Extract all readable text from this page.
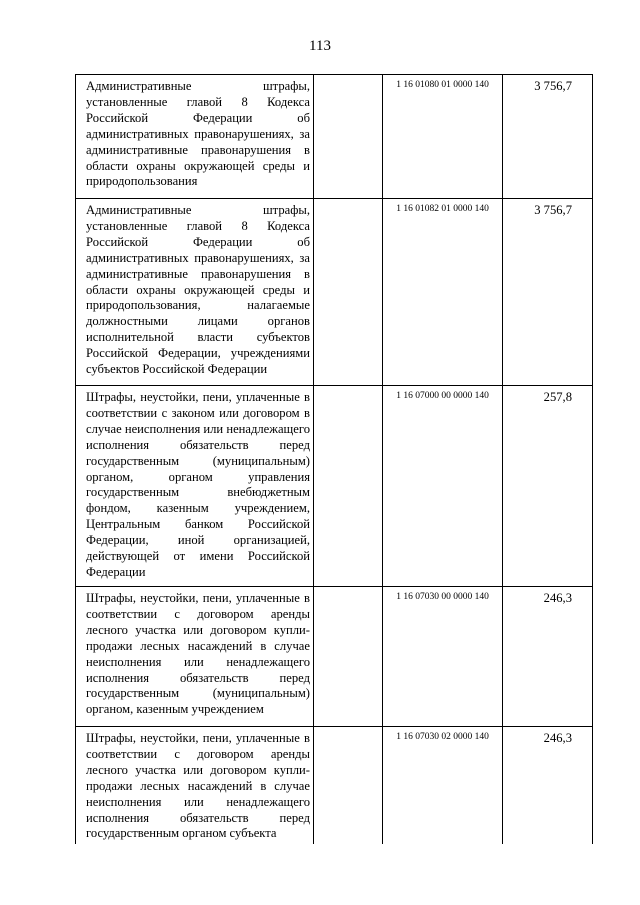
113
Административные штрафы, установленные главой 8 Кодекса Российской Федерации об административных правонарушениях, за административные правонарушения в области охраны окружающей среды и природопользования		1 16 01080 01 0000 140	3 756,7
Административные штрафы, установленные главой 8 Кодекса Российской Федерации об административных правонарушениях, за административные правонарушения в области охраны окружающей среды и природопользования, налагаемые должностными лицами органов исполнительной власти субъектов Российской Федерации, учреждениями субъектов Российской Федерации		1 16 01082 01 0000 140	3 756,7
Штрафы, неустойки, пени, уплаченные в соответствии с законом или договором в случае неисполнения или ненадлежащего исполнения обязательств перед государственным (муниципальным) органом, органом управления государственным внебюджетным фондом, казенным учреждением, Центральным банком Российской Федерации, иной организацией, действующей от имени Российской Федерации		1 16 07000 00 0000 140	257,8
Штрафы, неустойки, пени, уплаченные в соответствии с договором аренды лесного участка или договором купли-продажи лесных насаждений в случае неисполнения или ненадлежащего исполнения обязательств перед государственным (муниципальным) органом, казенным учреждением		1 16 07030 00 0000 140	246,3
Штрафы, неустойки, пени, уплаченные в соответствии с договором аренды лесного участка или договором купли-продажи лесных насаждений в случае неисполнения или ненадлежащего исполнения обязательств перед государственным органом субъекта		1 16 07030 02 0000 140	246,3
